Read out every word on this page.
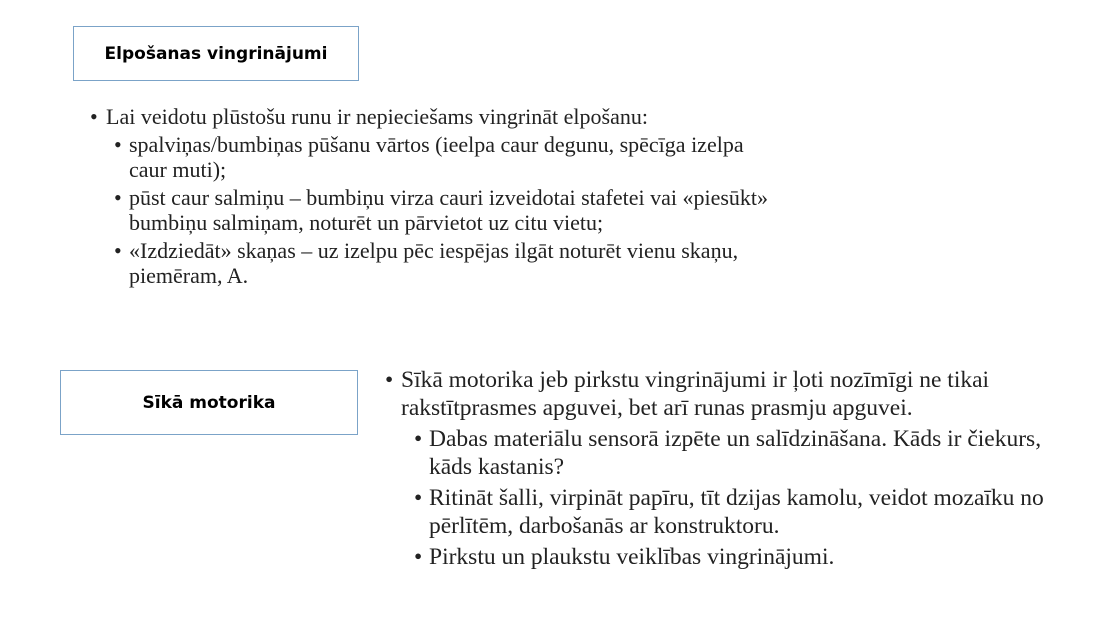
Elpošanas vingrinājumi
• Lai veidotu plūstošu runu ir nepieciešams vingrināt elpošanu:
• spalviņas/bumbiņas pūšanu vārtos (ieelpa caur degunu, spēcīga izelpa caur muti);
• pūst caur salmiņu – bumbiņu virza cauri izveidotai stafetei vai «piesūkt» bumbiņu salmiņam, noturēt un pārvietot uz citu vietu;
• «Izdziedāt» skaņas – uz izelpu pēc iespējas ilgāt noturēt vienu skaņu, piemēram, A.
Sīkā motorika
• Sīkā motorika jeb pirkstu vingrinājumi ir ļoti nozīmīgi ne tikai rakstītprasmes apguvei, bet arī runas prasmju apguvei.
• Dabas materiālu sensorā izpēte un salīdzināšana. Kāds ir čiekurs, kāds kastanis?
• Ritināt šalli, virpināt papīru, tīt dzijas kamolu, veidot mozaīku no pērlītēm, darbošanās ar konstruktoru.
• Pirkstu un plaukstu veiklības vingrinājumi.
